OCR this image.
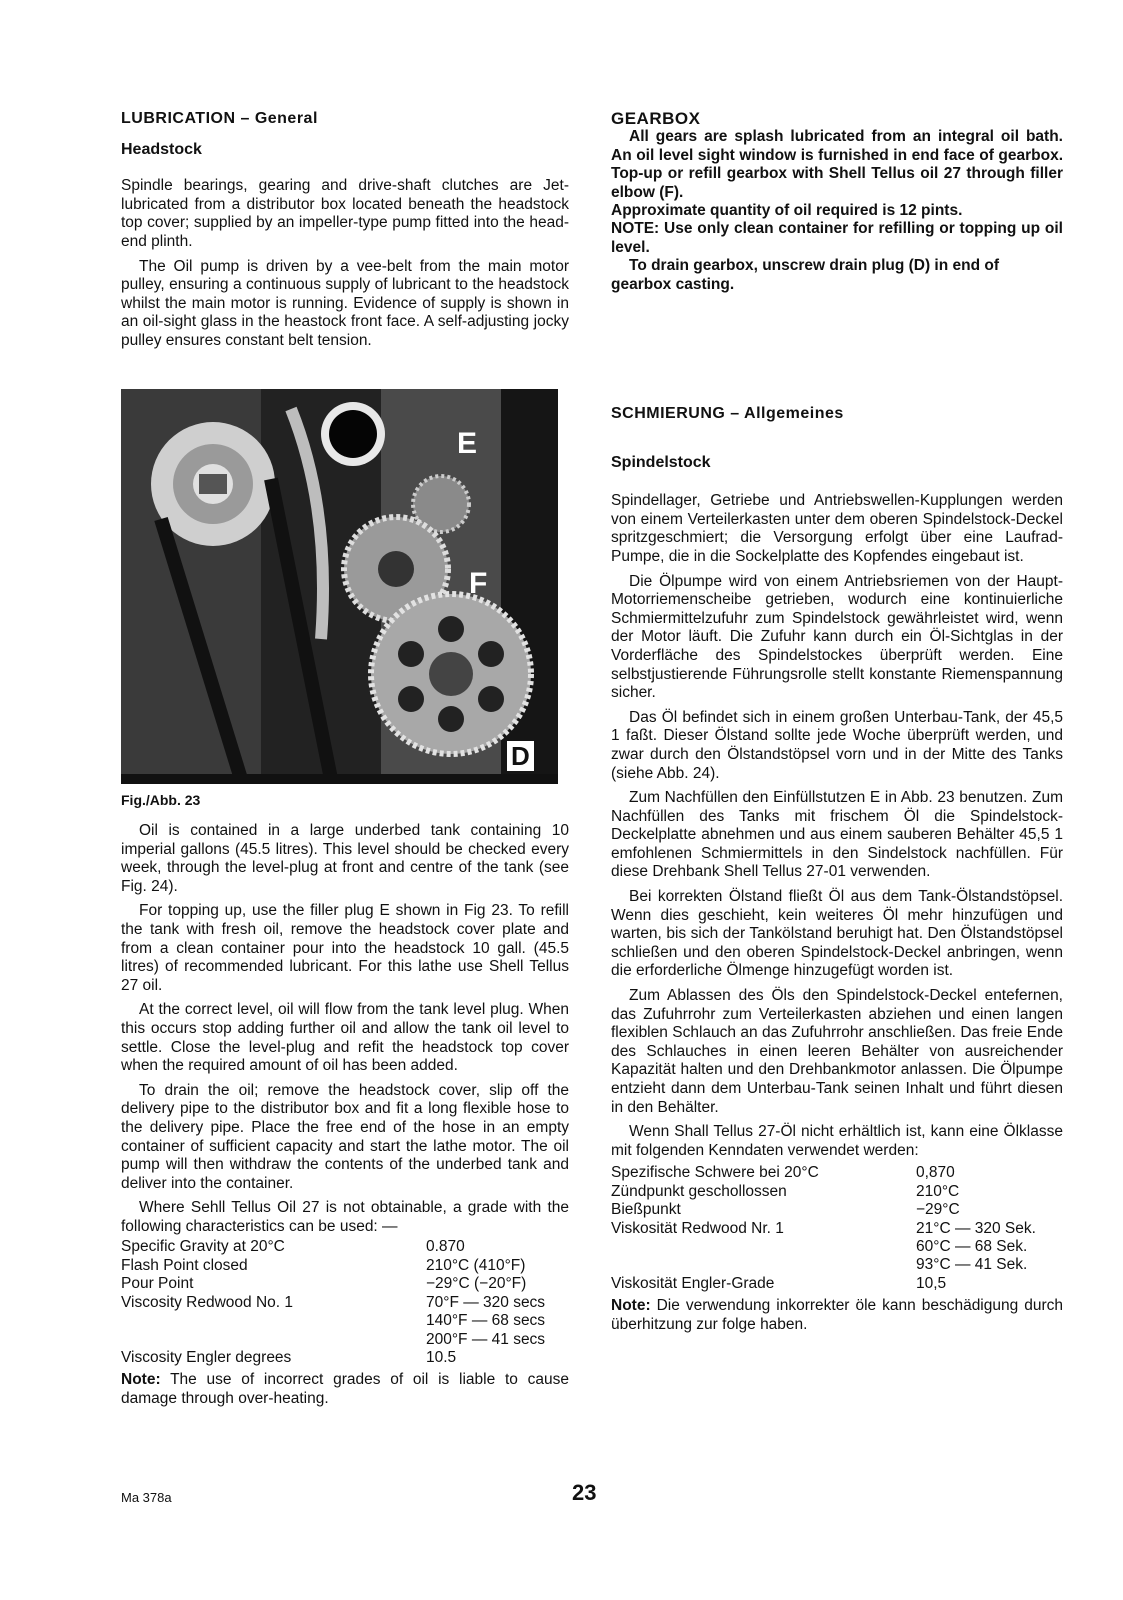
LUBRICATION – General
Headstock

Spindle bearings, gearing and drive-shaft clutches are Jet-lubricated from a distributor box located beneath the headstock top cover; supplied by an impeller-type pump fitted into the head-end plinth.

The Oil pump is driven by a vee-belt from the main motor pulley, ensuring a continuous supply of lubricant to the headstock whilst the main motor is running. Evidence of supply is shown in an oil-sight glass in the heastock front face. A self-adjusting jocky pulley ensures constant belt tension.

E
F
D
Fig./Abb. 23

Oil is contained in a large underbed tank containing 10 imperial gallons (45.5 litres). This level should be checked every week, through the level-plug at front and centre of the tank (see Fig. 24).

For topping up, use the filler plug E shown in Fig 23. To refill the tank with fresh oil, remove the headstock cover plate and from a clean container pour into the headstock 10 gall. (45.5 litres) of recommended lubricant. For this lathe use Shell Tellus 27 oil.

At the correct level, oil will flow from the tank level plug. When this occurs stop adding further oil and allow the tank oil level to settle. Close the level-plug and refit the headstock top cover when the required amount of oil has been added.

To drain the oil; remove the headstock cover, slip off the delivery pipe to the distributor box and fit a long flexible hose to the delivery pipe. Place the free end of the hose in an empty container of sufficient capacity and start the lathe motor. The oil pump will then withdraw the contents of the underbed tank and deliver into the container.

Where Sehll Tellus Oil 27 is not obtainable, a grade with the following characteristics can be used: —

Specific Gravity at 20°C	0.870
Flash Point closed	210°C (410°F)
Pour Point	−29°C (−20°F)
Viscosity Redwood No. 1	70°F — 320 secs
	140°F — 68 secs
	200°F — 41 secs
Viscosity Engler degrees	10.5

Note: The use of incorrect grades of oil is liable to cause damage through over-heating.

GEARBOX
All gears are splash lubricated from an integral oil bath. An oil level sight window is furnished in end face of gearbox. Top-up or refill gearbox with Shell Tellus oil 27 through filler elbow (F).
Approximate quantity of oil required is 12 pints.
NOTE: Use only clean container for refilling or topping up oil level.
To drain gearbox, unscrew drain plug (D) in end of gearbox casting.
SCHMIERUNG – Allgemeines
Spindelstock

Spindellager, Getriebe und Antriebswellen-Kupplungen werden von einem Verteilerkasten unter dem oberen Spindelstock-Deckel spritzgeschmiert; die Versorgung erfolgt über eine Laufrad-Pumpe, die in die Sockelplatte des Kopfendes eingebaut ist.

Die Ölpumpe wird von einem Antriebsriemen von der Haupt-Motorriemenscheibe getrieben, wodurch eine kontinuierliche Schmiermittelzufuhr zum Spindelstock gewährleistet wird, wenn der Motor läuft. Die Zufuhr kann durch ein Öl-Sichtglas in der Vorderfläche des Spindelstockes überprüft werden. Eine selbstjustierende Führungsrolle stellt konstante Riemenspannung sicher.

Das Öl befindet sich in einem großen Unterbau-Tank, der 45,5 1 faßt. Dieser Ölstand sollte jede Woche überprüft werden, und zwar durch den Ölstandstöpsel vorn und in der Mitte des Tanks (siehe Abb. 24).

Zum Nachfüllen den Einfüllstutzen E in Abb. 23 benutzen. Zum Nachfüllen des Tanks mit frischem Öl die Spindelstock-Deckelplatte abnehmen und aus einem sauberen Behälter 45,5 1 emfohlenen Schmiermittels in den Sindelstock nachfüllen. Für diese Drehbank Shell Tellus 27-01 verwenden.

Bei korrekten Ölstand fließt Öl aus dem Tank-Ölstandstöpsel. Wenn dies geschieht, kein weiteres Öl mehr hinzufügen und warten, bis sich der Tankölstand beruhigt hat. Den Ölstandstöpsel schließen und den oberen Spindelstock-Deckel anbringen, wenn die erforderliche Ölmenge hinzugefügt worden ist.

Zum Ablassen des Öls den Spindelstock-Deckel entefernen, das Zufuhrrohr zum Verteilerkasten abziehen und einen langen flexiblen Schlauch an das Zufuhrrohr anschließen. Das freie Ende des Schlauches in einen leeren Behälter von ausreichender Kapazität halten und den Drehbankmotor anlassen. Die Ölpumpe entzieht dann dem Unterbau-Tank seinen Inhalt und führt diesen in den Behälter.

Wenn Shall Tellus 27-Öl nicht erhältlich ist, kann eine Ölklasse mit folgenden Kenndaten verwendet werden:

Spezifische Schwere bei 20°C	0,870
Zündpunkt geschollossen	210°C
Bießpunkt	−29°C
Viskosität Redwood Nr. 1	21°C — 320 Sek.
	60°C — 68 Sek.
	93°C — 41 Sek.
Viskosität Engler-Grade	10,5

Note: Die verwendung inkorrekter öle kann beschädigung durch überhitzung zur folge haben.

Ma 378a	23
